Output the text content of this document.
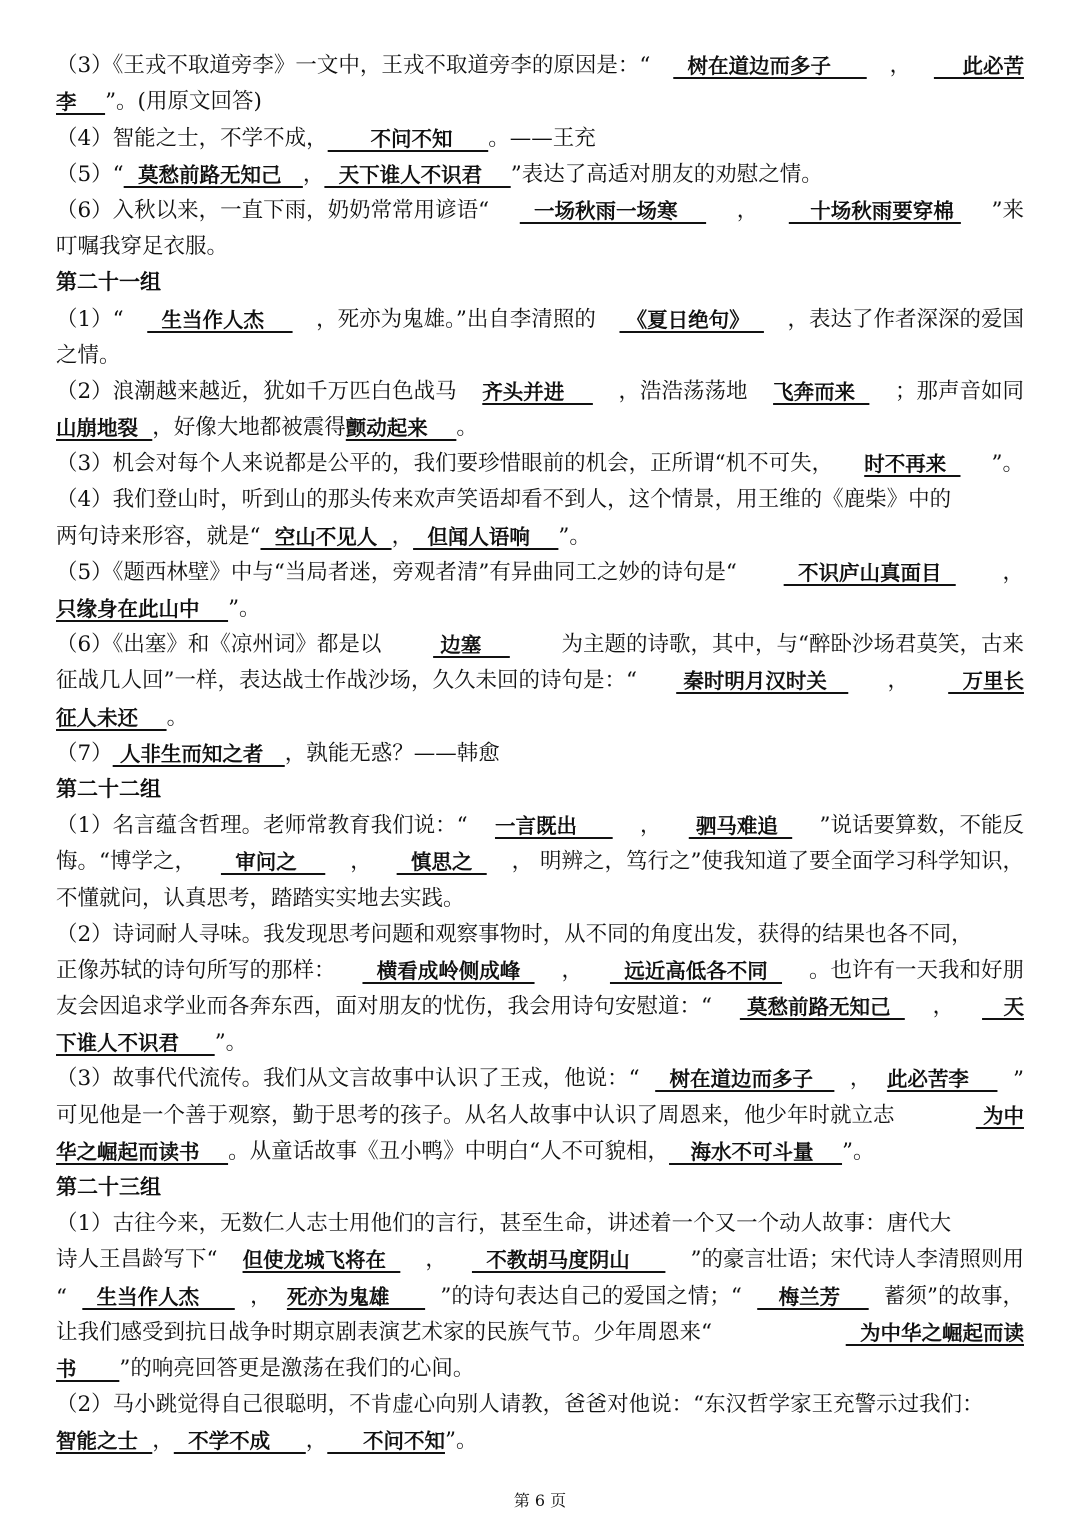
（3）《王戎不取道旁李》一文中，王戎不取道旁李的原因是：“ 树在道边而多子 ， 此必苦
李 ”。(用原文回答)
（4）智能之士，不学不成， 不问不知 。——王充
（5）“ 莫愁前路无知己 ， 天下谁人不识君 ”表达了高适对朋友的劝慰之情。
（6）入秋以来，一直下雨，奶奶常常用谚语“ 一场秋雨一场寒 ， 十场秋雨要穿棉 ”来
叮嘱我穿足衣服。
第二十一组
（1）“ 生当作人杰 ，死亦为鬼雄。”出自李清照的 《夏日绝句》 ，表达了作者深深的爱国
之情。
（2）浪潮越来越近，犹如千万匹白色战马 齐头并进 ，浩浩荡荡地 飞奔而来 ；那声音如同
山崩地裂 ，好像大地都被震得 颤动起来 。
（3）机会对每个人来说都是公平的，我们要珍惜眼前的机会，正所谓“机不可失， 时不再来 ”。
（4）我们登山时，听到山的那头传来欢声笑语却看不到人，这个情景，用王维的《鹿柴》中的
两句诗来形容，就是“ 空山不见人 ， 但闻人语响 ”。
（5）《题西林壁》中与“当局者迷，旁观者清”有异曲同工之妙的诗句是“ 不识庐山真面目 ，
只缘身在此山中 ”。
（6）《出塞》和《凉州词》都是以	边塞 为主题的诗歌，其中，与“醉卧沙场君莫笑，古来
征战几人回”一样，表达战士作战沙场，久久未回的诗句是：“ 秦时明月汉时关 ， 万里长
征人未还 。
（7） 人非生而知之者 ，孰能无惑？——韩愈
第二十二组
（1）名言蕴含哲理。老师常教育我们说：“ 一言既出 ， 驷马难追 ”说话要算数，不能反
悔。“博学之， 审问之 ， 慎思之 ， 明辨之，笃行之”使我知道了要全面学习科学知识，
不懂就问，认真思考，踏踏实实地去实践。
（2）诗词耐人寻味。我发现思考问题和观察事物时，从不同的角度出发，获得的结果也各不同，
正像苏轼的诗句所写的那样： 横看成岭侧成峰 ， 远近高低各不同 。也许有一天我和好朋
友会因追求学业而各奔东西，面对朋友的忧伤，我会用诗句安慰道：“ 莫愁前路无知己 ， 天
下谁人不识君 ”。
（3）故事代代流传。我们从文言故事中认识了王戎，他说：“ 树在道边而多子 ， 此必苦李 ”
可见他是一个善于观察，勤于思考的孩子。从名人故事中认识了周恩来，他少年时就立志	为中
华之崛起而读书 。从童话故事《丑小鸭》中明白“人不可貌相， 海水不可斗量 ”。
第二十三组
（1）古往今来，无数仁人志士用他们的言行，甚至生命，讲述着一个又一个动人故事：唐代大
诗人王昌龄写下“ 但使龙城飞将在 ， 不教胡马度阴山 ”的豪言壮语；宋代诗人李清照则用
“ 生当作人杰 ， 死亦为鬼雄 ”的诗句表达自己的爱国之情；“ 梅兰芳 蓄须”的故事，
让我们感受到抗日战争时期京剧表演艺术家的民族气节。少年周恩来“	为中华之崛起而读
书 ”的响亮回答更是激荡在我们的心间。
（2）马小跳觉得自己很聪明，不肯虚心向别人请教，爸爸对他说：“东汉哲学家王充警示过我们：
智能之士 ， 不学不成 ， 不问不知 ”。
第 6 页
